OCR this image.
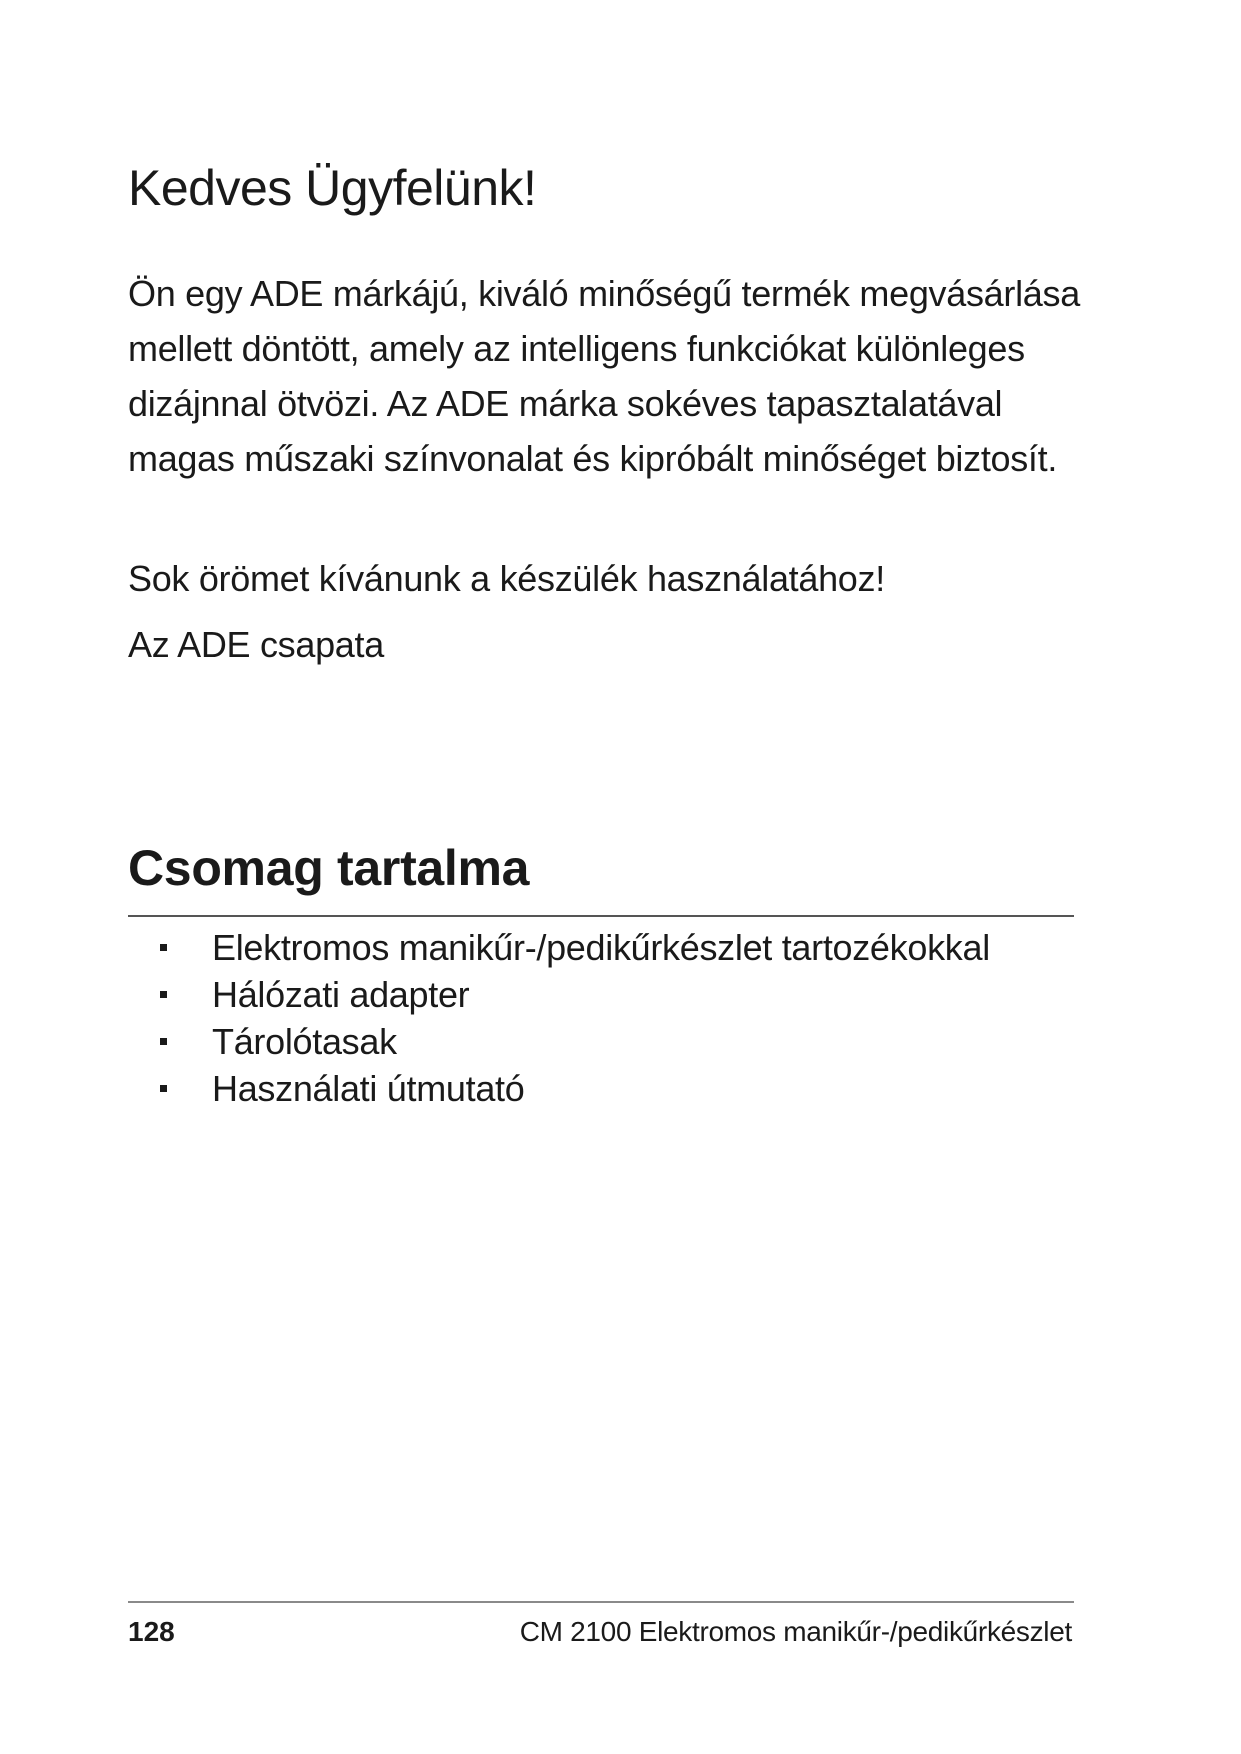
Kedves Ügyfelünk!

Ön egy ADE márkájú, kiváló minőségű termék megvásárlása mellett döntött, amely az intelligens funkciókat különleges dizájnnal ötvözi. Az ADE márka sokéves tapasztalatával magas műszaki színvonalat és kipróbált minőséget biztosít.

Sok örömet kívánunk a készülék használatához!

Az ADE csapata

Csomag tartalma
Elektromos manikűr-/pedikűrkészlet tartozékokkal
Hálózati adapter
Tárolótasak
Használati útmutató

128	CM 2100 Elektromos manikűr-/pedikűrkészlet
